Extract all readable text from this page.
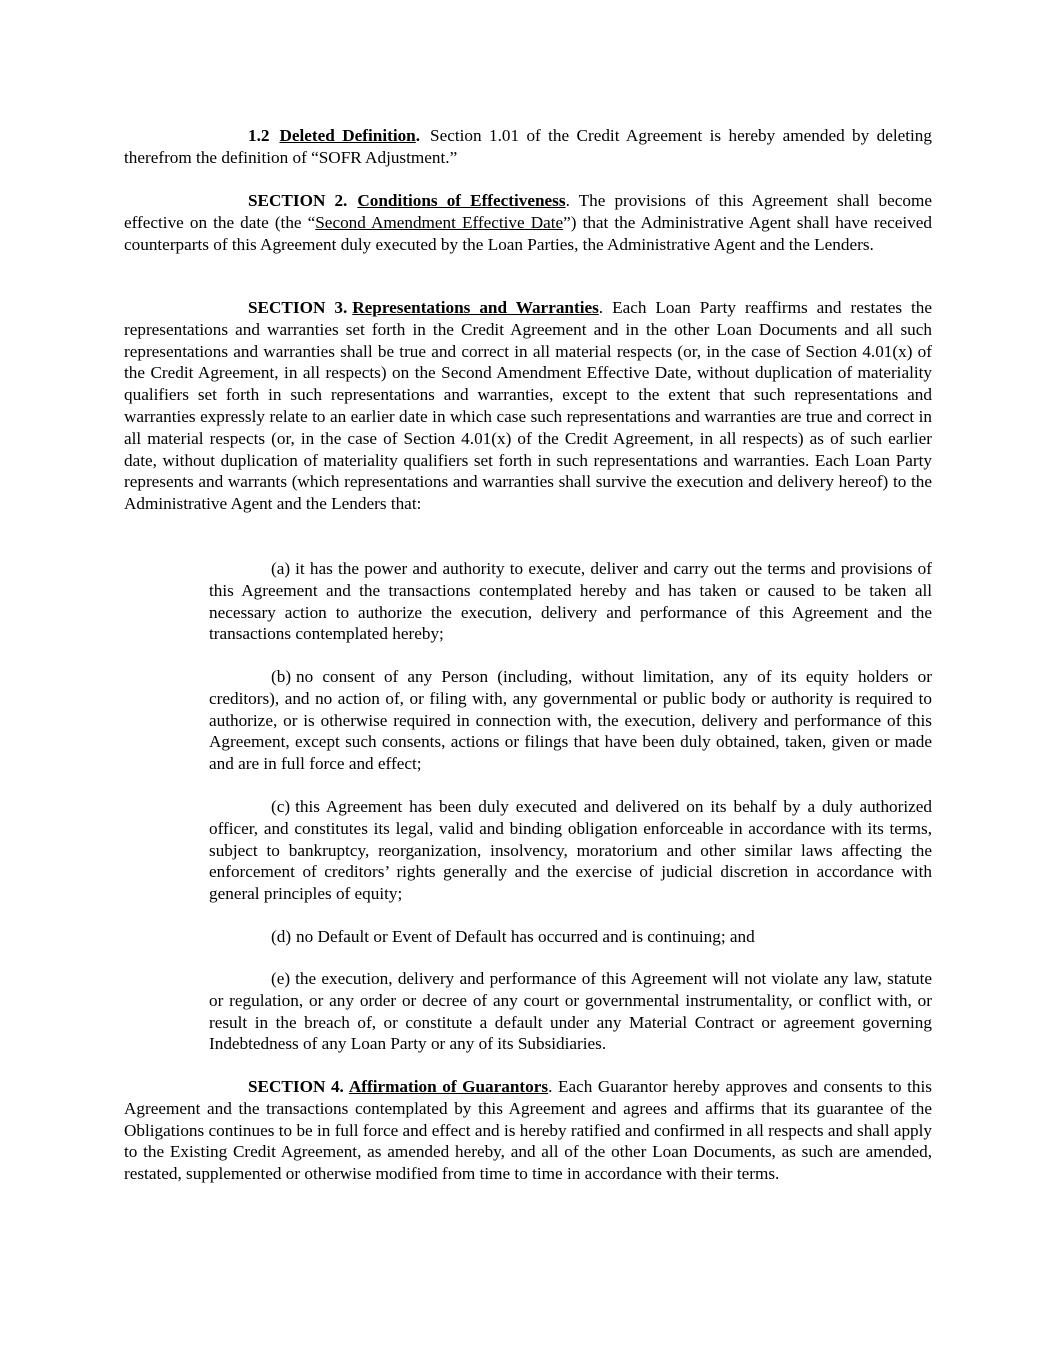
1.2 Deleted Definition. Section 1.01 of the Credit Agreement is hereby amended by deleting therefrom the definition of “SOFR Adjustment.”

SECTION 2. Conditions of Effectiveness. The provisions of this Agreement shall become effective on the date (the “Second Amendment Effective Date”) that the Administrative Agent shall have received counterparts of this Agreement duly executed by the Loan Parties, the Administrative Agent and the Lenders.

SECTION 3. Representations and Warranties. Each Loan Party reaffirms and restates the representations and warranties set forth in the Credit Agreement and in the other Loan Documents and all such representations and warranties shall be true and correct in all material respects (or, in the case of Section 4.01(x) of the Credit Agreement, in all respects) on the Second Amendment Effective Date, without duplication of materiality qualifiers set forth in such representations and warranties, except to the extent that such representations and warranties expressly relate to an earlier date in which case such representations and warranties are true and correct in all material respects (or, in the case of Section 4.01(x) of the Credit Agreement, in all respects) as of such earlier date, without duplication of materiality qualifiers set forth in such representations and warranties. Each Loan Party represents and warrants (which representations and warranties shall survive the execution and delivery hereof) to the Administrative Agent and the Lenders that:

(a) it has the power and authority to execute, deliver and carry out the terms and provisions of this Agreement and the transactions contemplated hereby and has taken or caused to be taken all necessary action to authorize the execution, delivery and performance of this Agreement and the transactions contemplated hereby;

(b) no consent of any Person (including, without limitation, any of its equity holders or creditors), and no action of, or filing with, any governmental or public body or authority is required to authorize, or is otherwise required in connection with, the execution, delivery and performance of this Agreement, except such consents, actions or filings that have been duly obtained, taken, given or made and are in full force and effect;

(c) this Agreement has been duly executed and delivered on its behalf by a duly authorized officer, and constitutes its legal, valid and binding obligation enforceable in accordance with its terms, subject to bankruptcy, reorganization, insolvency, moratorium and other similar laws affecting the enforcement of creditors’ rights generally and the exercise of judicial discretion in accordance with general principles of equity;

(d) no Default or Event of Default has occurred and is continuing; and

(e) the execution, delivery and performance of this Agreement will not violate any law, statute or regulation, or any order or decree of any court or governmental instrumentality, or conflict with, or result in the breach of, or constitute a default under any Material Contract or agreement governing Indebtedness of any Loan Party or any of its Subsidiaries.

SECTION 4. Affirmation of Guarantors. Each Guarantor hereby approves and consents to this Agreement and the transactions contemplated by this Agreement and agrees and affirms that its guarantee of the Obligations continues to be in full force and effect and is hereby ratified and confirmed in all respects and shall apply to the Existing Credit Agreement, as amended hereby, and all of the other Loan Documents, as such are amended, restated, supplemented or otherwise modified from time to time in accordance with their terms.
